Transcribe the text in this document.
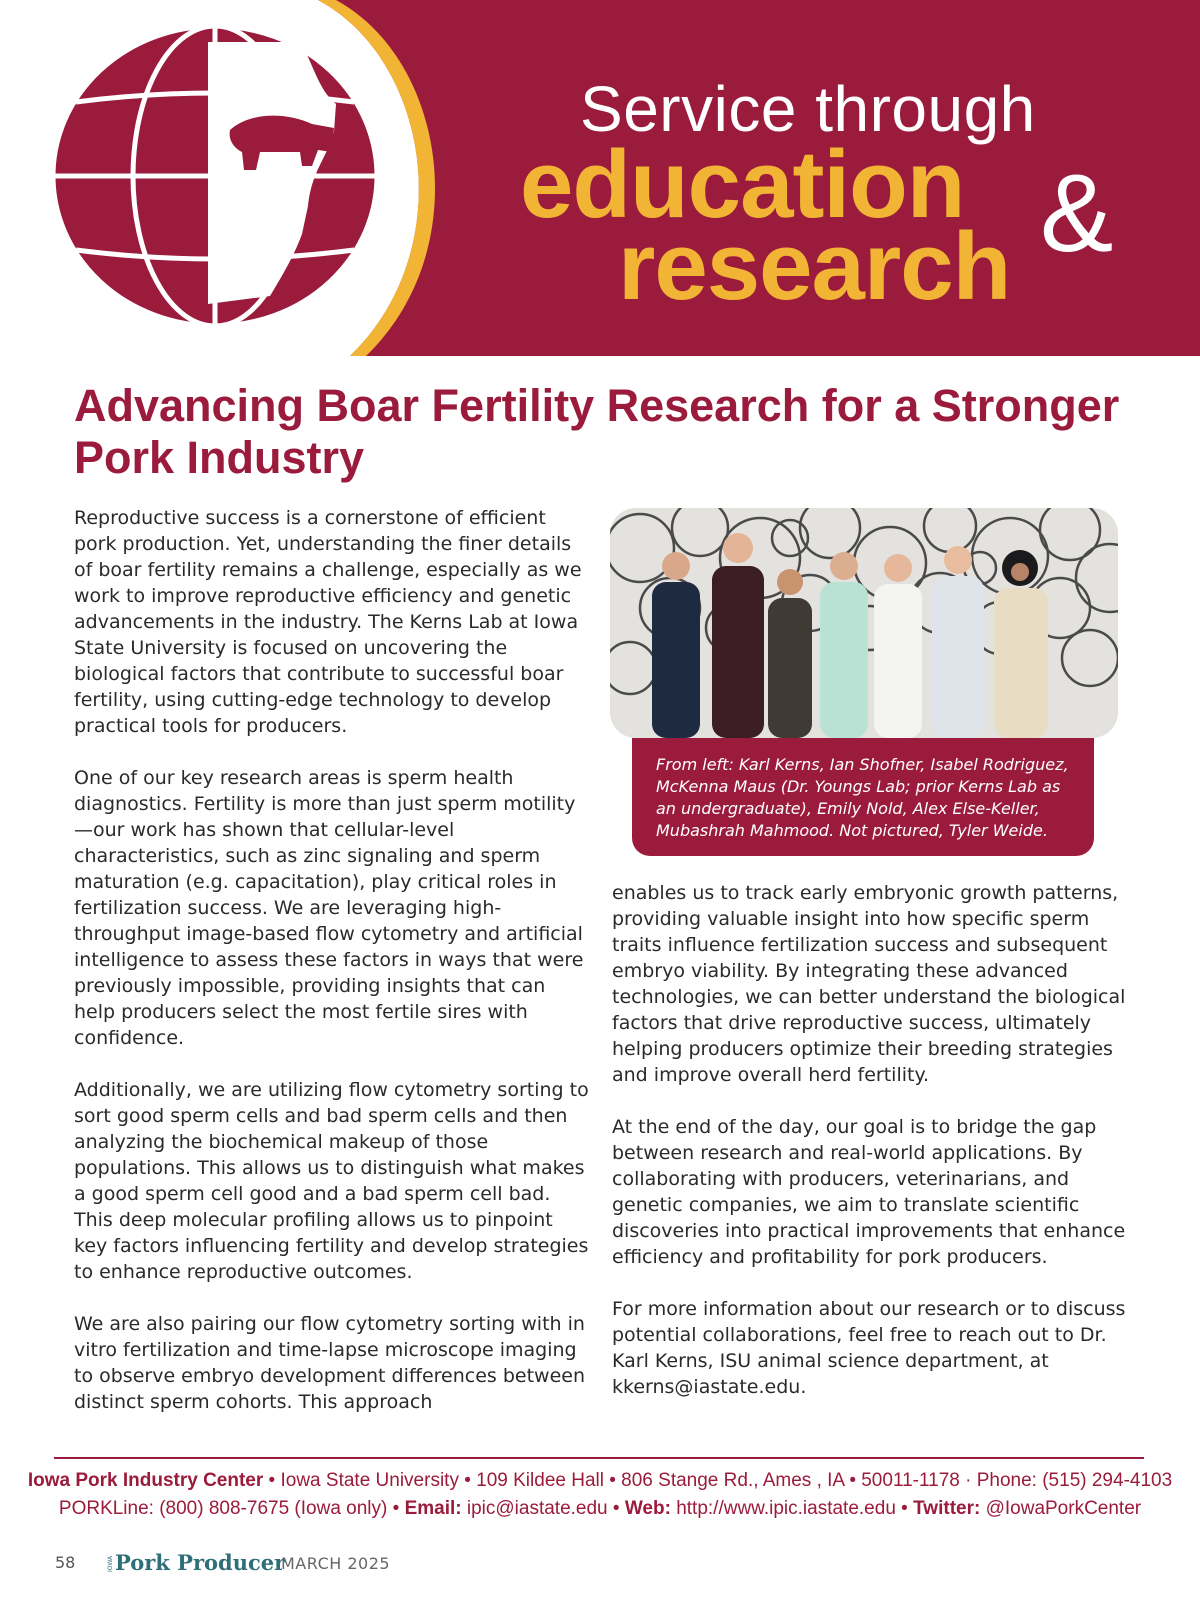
Iowa
Pork
Industry
Center
Service through
education &
research
Advancing Boar Fertility Research for a Stronger Pork Industry

Reproductive success is a cornerstone of efficient pork production. Yet, understanding the finer details of boar fertility remains a challenge, especially as we work to improve reproductive efficiency and genetic advancements in the industry. The Kerns Lab at Iowa State University is focused on uncovering the biological factors that contribute to successful boar fertility, using cutting-edge technology to develop practical tools for producers.

One of our key research areas is sperm health diagnostics. Fertility is more than just sperm motility—our work has shown that cellular-level characteristics, such as zinc signaling and sperm maturation (e.g. capacitation), play critical roles in fertilization success. We are leveraging high-throughput image-based flow cytometry and artificial intelligence to assess these factors in ways that were previously impossible, providing insights that can help producers select the most fertile sires with confidence.

Additionally, we are utilizing flow cytometry sorting to sort good sperm cells and bad sperm cells and then analyzing the biochemical makeup of those populations. This allows us to distinguish what makes a good sperm cell good and a bad sperm cell bad. This deep molecular profiling allows us to pinpoint key factors influencing fertility and develop strategies to enhance reproductive outcomes.

We are also pairing our flow cytometry sorting with in vitro fertilization and time-lapse microscope imaging to observe embryo development differences between distinct sperm cohorts. This approach

From left: Karl Kerns, Ian Shofner, Isabel Rodriguez, McKenna Maus (Dr. Youngs Lab; prior Kerns Lab as an undergraduate), Emily Nold, Alex Else-Keller, Mubashrah Mahmood. Not pictured, Tyler Weide.

enables us to track early embryonic growth patterns, providing valuable insight into how specific sperm traits influence fertilization success and subsequent embryo viability. By integrating these advanced technologies, we can better understand the biological factors that drive reproductive success, ultimately helping producers optimize their breeding strategies and improve overall herd fertility.

At the end of the day, our goal is to bridge the gap between research and real-world applications. By collaborating with producers, veterinarians, and genetic companies, we aim to translate scientific discoveries into practical improvements that enhance efficiency and profitability for pork producers.

For more information about our research or to discuss potential collaborations, feel free to reach out to Dr. Karl Kerns, ISU animal science department, at kkerns@iastate.edu.

Iowa Pork Industry Center • Iowa State University • 109 Kildee Hall • 806 Stange Rd., Ames , IA • 50011-1178 · Phone: (515) 294-4103
PORKLine: (800) 808-7675 (Iowa only) • Email: ipic@iastate.edu • Web: http://www.ipic.iastate.edu • Twitter: @IowaPorkCenter
58	IOWA Pork Producer
MARCH 2025
